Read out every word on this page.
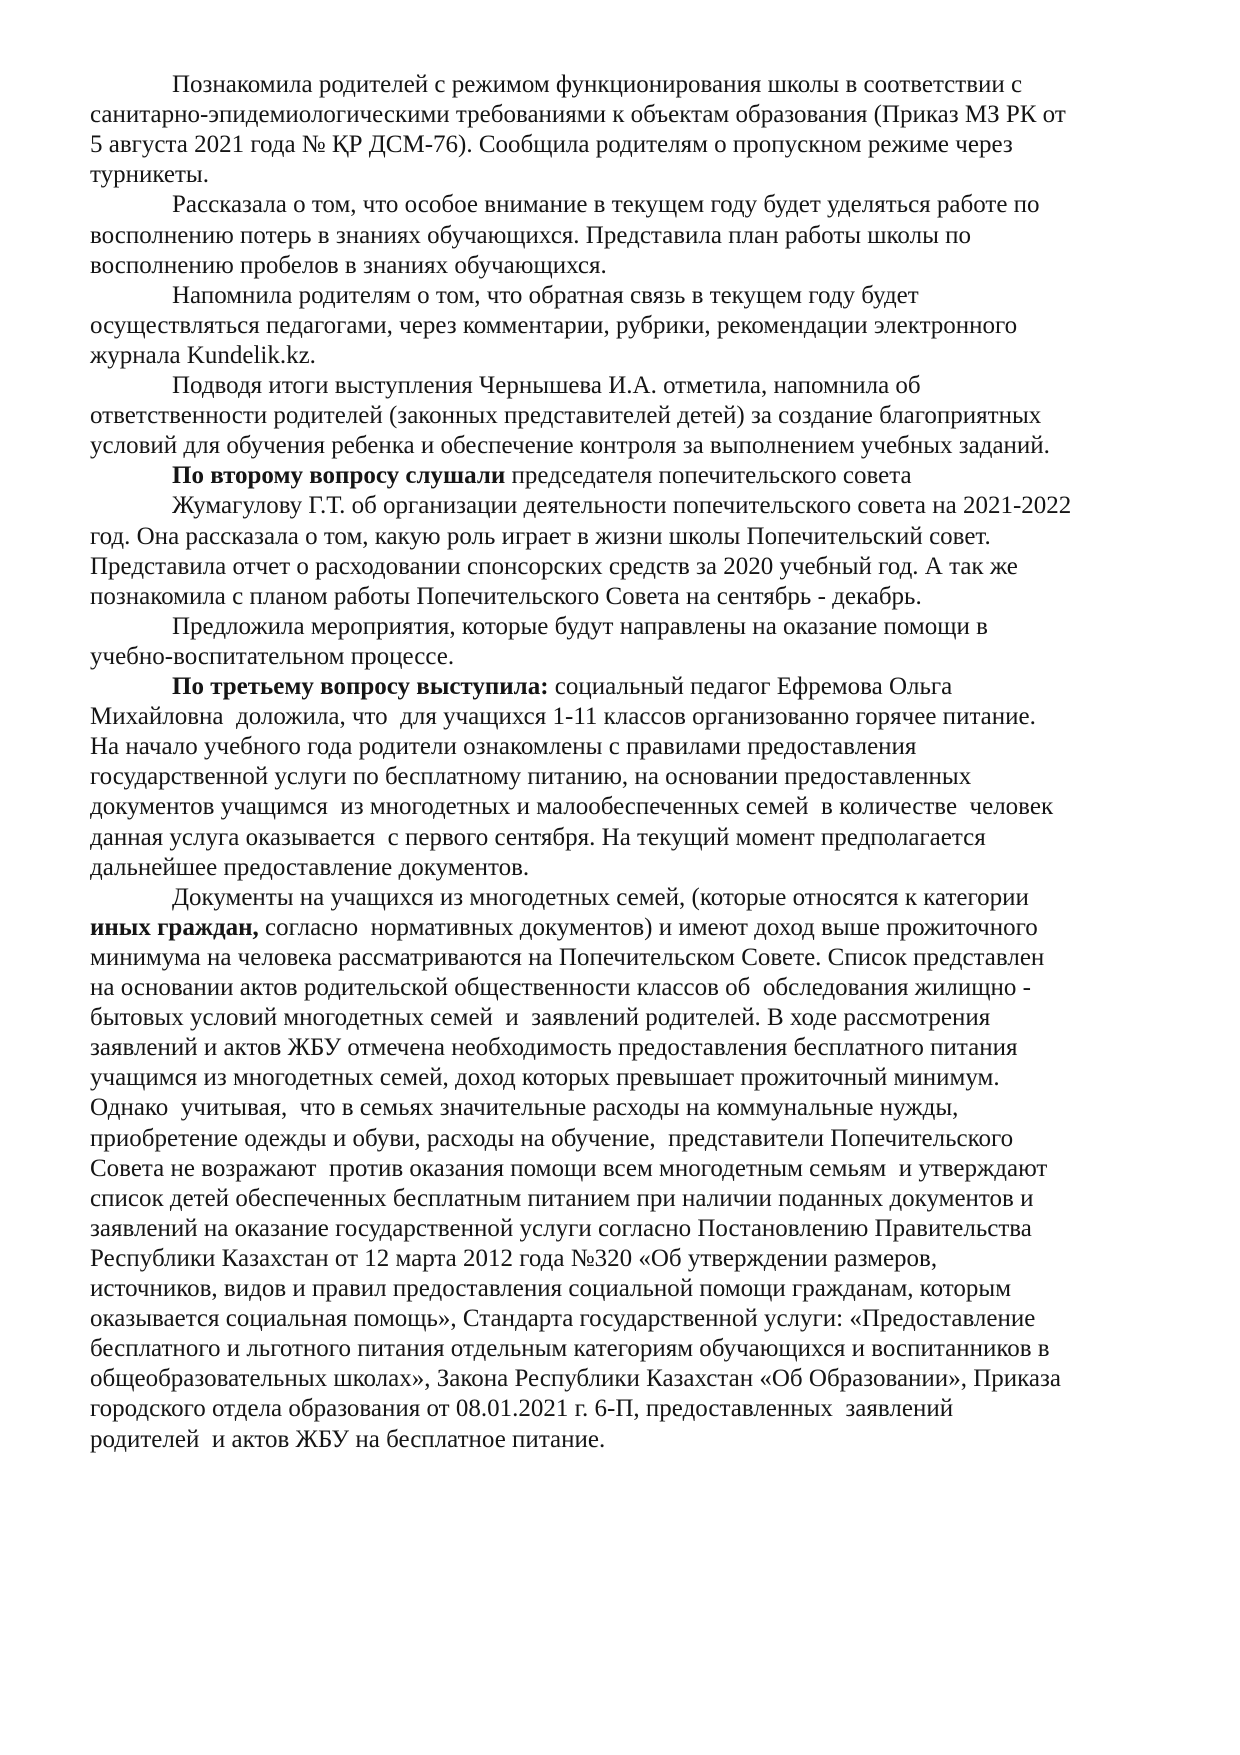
Познакомила родителей с режимом функционирования школы в соответствии с
санитарно-эпидемиологическими требованиями к объектам образования (Приказ МЗ РК от
5 августа 2021 года № ҚР ДСМ-76). Сообщила родителям о пропускном режиме через
турникеты.
Рассказала о том, что особое внимание в текущем году будет уделяться работе по
восполнению потерь в знаниях обучающихся. Представила план работы школы по
восполнению пробелов в знаниях обучающихся.
Напомнила родителям о том, что обратная связь в текущем году будет
осуществляться педагогами, через комментарии, рубрики, рекомендации электронного
журнала Kundelik.kz.
Подводя итоги выступления Чернышева И.А. отметила, напомнила об
ответственности родителей (законных представителей детей) за создание благоприятных
условий для обучения ребенка и обеспечение контроля за выполнением учебных заданий.
По второму вопросу слушали председателя попечительского совета
Жумагулову Г.Т. об организации деятельности попечительского совета на 2021-2022
год. Она рассказала о том, какую роль играет в жизни школы Попечительский совет.
Представила отчет о расходовании спонсорских средств за 2020 учебный год. А так же
познакомила с планом работы Попечительского Совета на сентябрь - декабрь.
Предложила мероприятия, которые будут направлены на оказание помощи в
учебно-воспитательном процессе.
По третьему вопросу выступила: социальный педагог Ефремова Ольга
Михайловна  доложила, что  для учащихся 1-11 классов организованно горячее питание.
На начало учебного года родители ознакомлены с правилами предоставления
государственной услуги по бесплатному питанию, на основании предоставленных
документов учащимся  из многодетных и малообеспеченных семей  в количестве  человек
данная услуга оказывается  с первого сентября. На текущий момент предполагается
дальнейшее предоставление документов.
Документы на учащихся из многодетных семей, (которые относятся к категории
иных граждан, согласно  нормативных документов) и имеют доход выше прожиточного
минимума на человека рассматриваются на Попечительском Совете. Список представлен
на основании актов родительской общественности классов об  обследования жилищно -
бытовых условий многодетных семей  и  заявлений родителей. В ходе рассмотрения
заявлений и актов ЖБУ отмечена необходимость предоставления бесплатного питания
учащимся из многодетных семей, доход которых превышает прожиточный минимум.
Однако  учитывая,  что в семьях значительные расходы на коммунальные нужды,
приобретение одежды и обуви, расходы на обучение,  представители Попечительского
Совета не возражают  против оказания помощи всем многодетным семьям  и утверждают
список детей обеспеченных бесплатным питанием при наличии поданных документов и
заявлений на оказание государственной услуги согласно Постановлению Правительства
Республики Казахстан от 12 марта 2012 года №320 «Об утверждении размеров,
источников, видов и правил предоставления социальной помощи гражданам, которым
оказывается социальная помощь», Стандарта государственной услуги: «Предоставление
бесплатного и льготного питания отдельным категориям обучающихся и воспитанников в
общеобразовательных школах», Закона Республики Казахстан «Об Образовании», Приказа
городского отдела образования от 08.01.2021 г. 6-П, предоставленных  заявлений
родителей  и актов ЖБУ на бесплатное питание.
